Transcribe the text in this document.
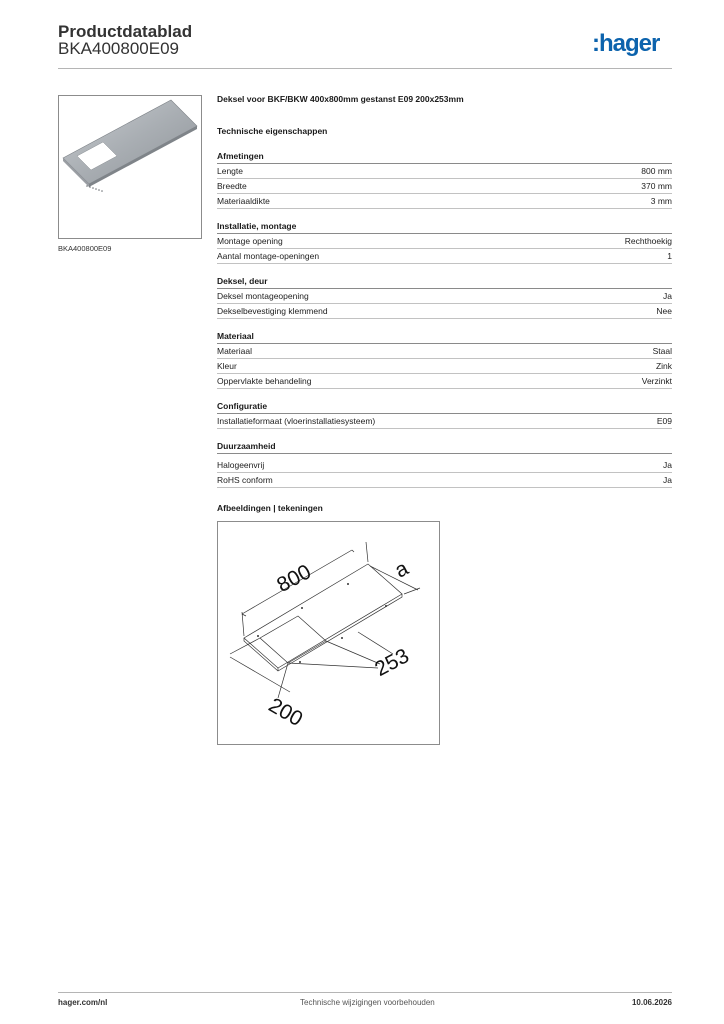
Productdatablad
BKA400800E09	:hager
BKA400800E09
Deksel voor BKF/BKW 400x800mm gestanst E09 200x253mm
Technische eigenschappen
Afmetingen
Lengte	800 mm
Breedte	370 mm
Materiaaldikte	3 mm
Installatie, montage
Montage opening	Rechthoekig
Aantal montage-openingen	1
Deksel, deur
Deksel montageopening	Ja
Dekselbevestiging klemmend	Nee
Materiaal
Materiaal	Staal
Kleur	Zink
Oppervlakte behandeling	Verzinkt
Configuratie
Installatieformaat (vloerinstallatiesysteem)	E09
Duurzaamheid
Halogeenvrij	Ja
RoHS conform	Ja
Afbeeldingen | tekeningen
800	a
253
200
hager.com/nl	Technische wijzigingen voorbehouden	10.06.2026
